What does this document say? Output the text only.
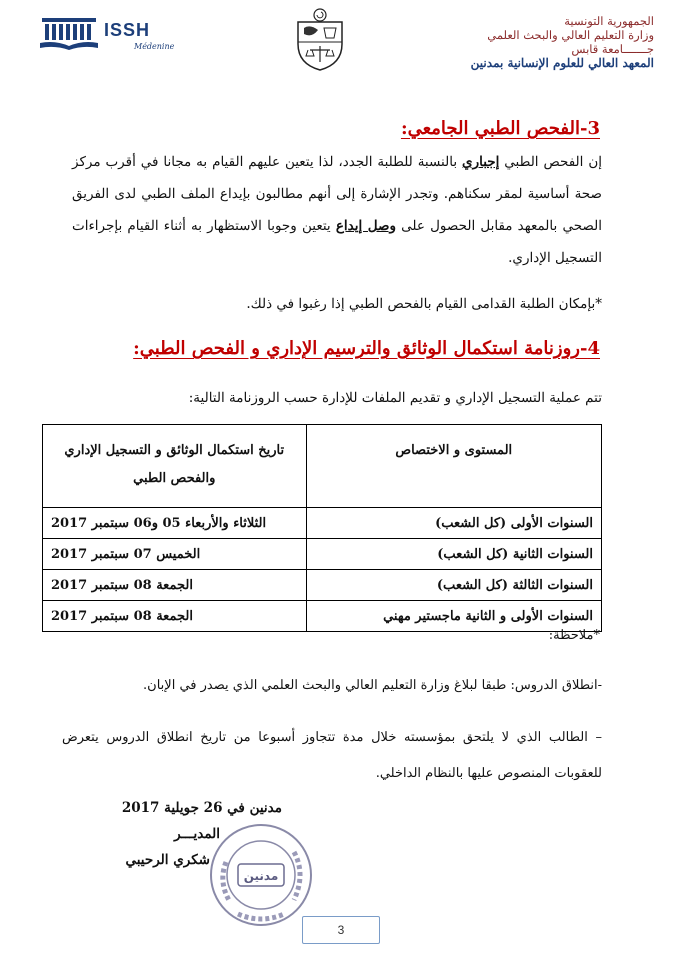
ISSH
Médenine
الجمهورية التونسية
وزارة التعليم العالي والبحث العلمي
جـــــــامعة قابس
المعهد العالي للعلوم الإنسانية بمدنين
3-الفحص الطبي الجامعي:
إن الفحص الطبي إجباري بالنسبة للطلبة الجدد، لذا يتعين عليهم القيام به مجانا في أقرب مركز صحة أساسية لمقر سكناهم. وتجدر الإشارة إلى أنهم مطالبون بإيداع الملف الطبي لدى الفريق الصحي بالمعهد مقابل الحصول على وصل إيداع يتعين وجوبا الاستظهار به أثناء القيام بإجراءات التسجيل الإداري.
*بإمكان الطلبة القدامى القيام بالفحص الطبي إذا رغبوا في ذلك.
4-روزنامة استكمال الوثائق والترسيم الإداري و الفحص الطبي:
تتم عملية التسجيل الإداري و تقديم الملفات للإدارة حسب الروزنامة التالية:
المستوى و الاختصاص	تاريخ استكمال الوثائق و التسجيل الإداري والفحص الطبي
السنوات الأولى (كل الشعب)	الثلاثاء والأربعاء 05 و06 سبتمبر 2017
السنوات الثانية (كل الشعب)	الخميس 07 سبتمبر 2017
السنوات الثالثة (كل الشعب)	الجمعة 08 سبتمبر 2017
السنوات الأولى و الثانية ماجستير مهني	الجمعة 08 سبتمبر 2017
*ملاحظة:
-انطلاق الدروس: طبقا لبلاغ وزارة التعليم العالي والبحث العلمي الذي يصدر في الإبان.
– الطالب الذي لا يلتحق بمؤسسته خلال مدة تتجاوز أسبوعا من تاريخ انطلاق الدروس يتعرض للعقوبات المنصوص عليها بالنظام الداخلي.
مدنين في 26 جويلية 2017
المديـــر
شكري الرحيبي
مدنين
3
